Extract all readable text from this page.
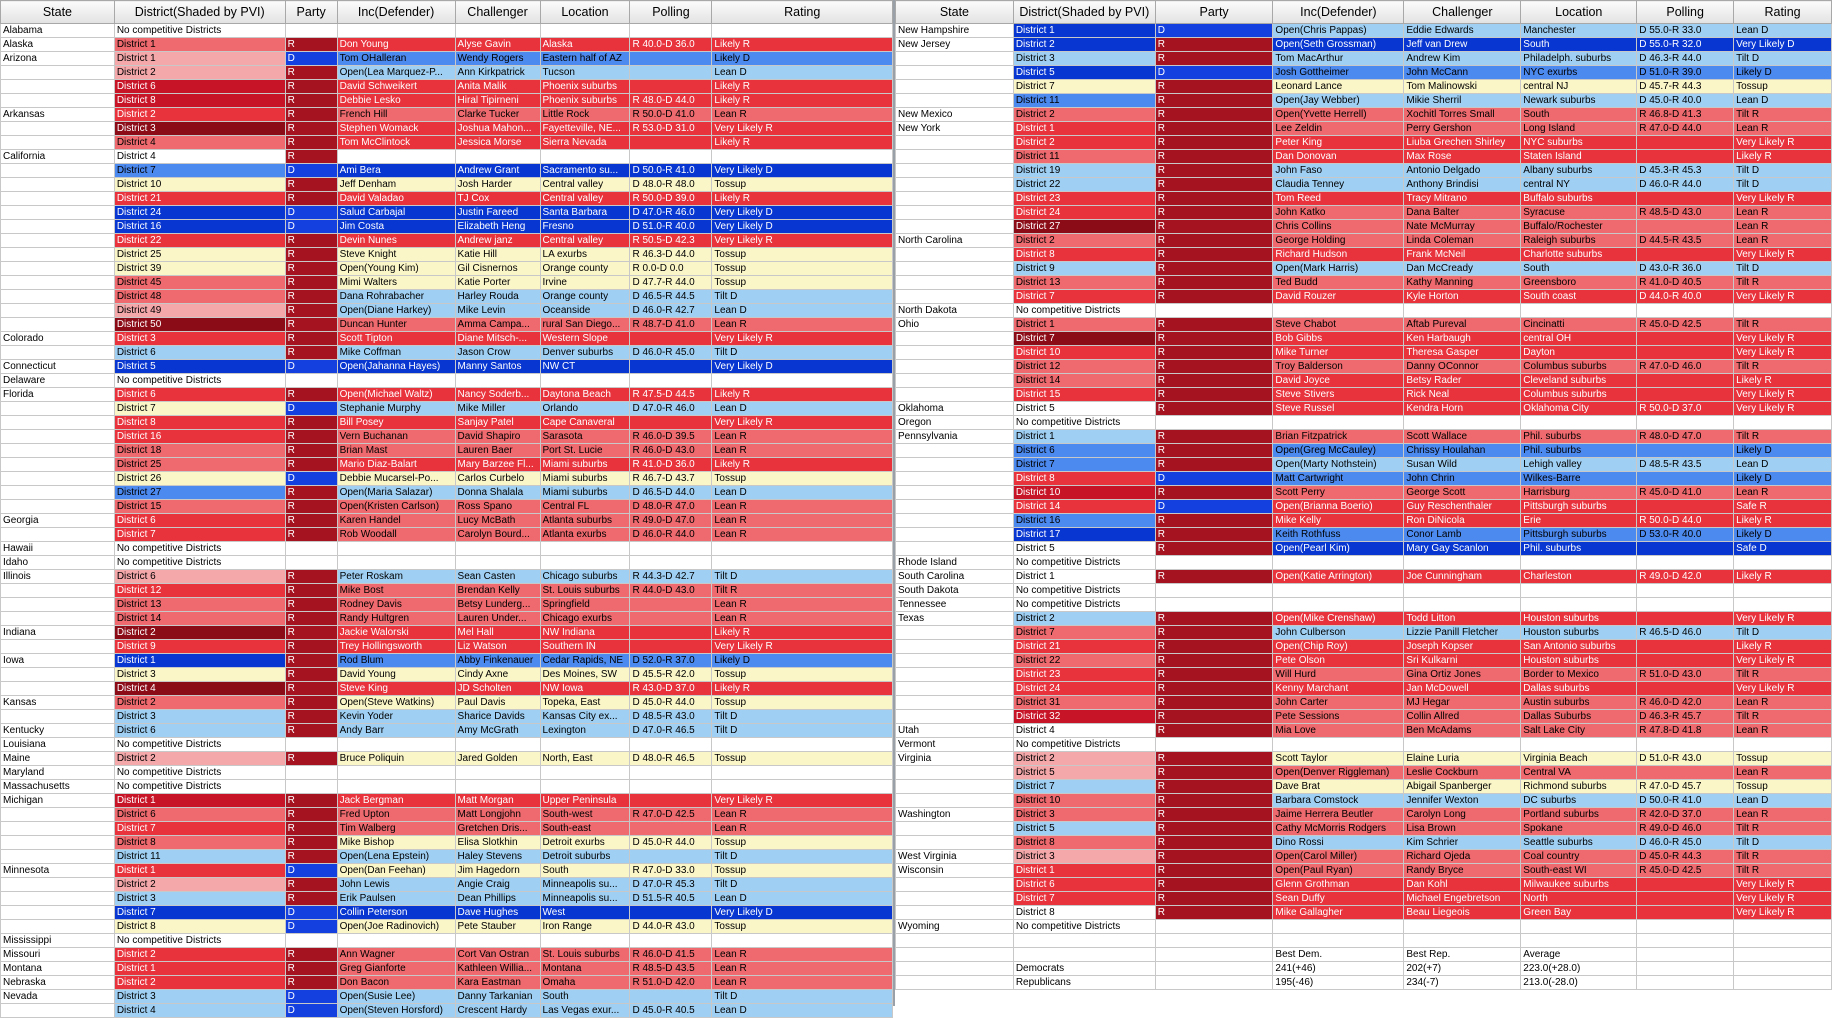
State	District(Shaded by PVI)	Party	Inc(Defender)	Challenger	Location	Polling	Rating
Alabama	No competitive Districts						
Alaska	District 1	R	Don Young	Alyse Gavin	Alaska	R 40.0-D 36.0	Likely R
Arizona	District 1	D	Tom OHalleran	Wendy Rogers	Eastern half of AZ		Likely D
	District 2	R	Open(Lea Marquez-P...	Ann Kirkpatrick	Tucson		Lean D
	District 6	R	David Schweikert	Anita Malik	Phoenix suburbs		Likely R
	District 8	R	Debbie Lesko	Hiral Tipirneni	Phoenix suburbs	R 48.0-D 44.0	Likely R
Arkansas	District 2	R	French Hill	Clarke Tucker	Little Rock	R 50.0-D 41.0	Lean R
	District 3	R	Stephen Womack	Joshua Mahon...	Fayetteville, NE...	R 53.0-D 31.0	Very Likely R
	District 4	R	Tom McClintock	Jessica Morse	Sierra Nevada		Likely R
California	District 4	R					
	District 7	D	Ami Bera	Andrew Grant	Sacramento su...	D 50.0-R 41.0	Very Likely D
	District 10	R	Jeff Denham	Josh Harder	Central valley	D 48.0-R 48.0	Tossup
	District 21	R	David Valadao	TJ Cox	Central valley	R 50.0-D 39.0	Likely R
	District 24	D	Salud Carbajal	Justin Fareed	Santa Barbara	D 47.0-R 46.0	Very Likely D
	District 16	D	Jim Costa	Elizabeth Heng	Fresno	D 51.0-R 40.0	Very Likely D
	District 22	R	Devin Nunes	Andrew janz	Central valley	R 50.5-D 42.3	Very Likely R
	District 25	R	Steve Knight	Katie Hill	LA exurbs	R 46.3-D 44.0	Tossup
	District 39	R	Open(Young Kim)	Gil Cisnernos	Orange county	R 0.0-D 0.0	Tossup
	District 45	R	Mimi Walters	Katie Porter	Irvine	D 47.7-R 44.0	Tossup
	District 48	R	Dana Rohrabacher	Harley Rouda	Orange county	D 46.5-R 44.5	Tilt D
	District 49	R	Open(Diane Harkey)	Mike Levin	Oceanside	D 46.0-R 42.7	Lean D
	District 50	R	Duncan Hunter	Amma Campa...	rural San Diego...	R 48.7-D 41.0	Lean R
Colorado	District 3	R	Scott Tipton	Diane Mitsch-...	Western Slope		Very Likely R
	District 6	R	Mike Coffman	Jason Crow	Denver suburbs	D 46.0-R 45.0	Tilt D
Connecticut	District 5	D	Open(Jahanna Hayes)	Manny Santos	NW CT		Very Likely D
Delaware	No competitive Districts						
Florida	District 6	R	Open(Michael Waltz)	Nancy Soderb...	Daytona Beach	R 47.5-D 44.5	Likely R
	District 7	D	Stephanie Murphy	Mike Miller	Orlando	D 47.0-R 46.0	Lean D
	District 8	R	Bill Posey	Sanjay Patel	Cape Canaveral		Very Likely R
	District 16	R	Vern Buchanan	David Shapiro	Sarasota	R 46.0-D 39.5	Lean R
	District 18	R	Brian Mast	Lauren Baer	Port St. Lucie	R 46.0-D 43.0	Lean R
	District 25	R	Mario Diaz-Balart	Mary Barzee Fl...	Miami suburbs	R 41.0-D 36.0	Likely R
	District 26	D	Debbie Mucarsel-Po...	Carlos Curbelo	Miami suburbs	R 46.7-D 43.7	Tossup
	District 27	R	Open(Maria Salazar)	Donna Shalala	Miami suburbs	D 46.5-D 44.0	Lean D
	District 15	R	Open(Kristen Carlson)	Ross Spano	Central FL	D 48.0-R 47.0	Lean R
Georgia	District 6	R	Karen Handel	Lucy McBath	Atlanta suburbs	R 49.0-D 47.0	Lean R
	District 7	R	Rob Woodall	Carolyn Bourd...	Atlanta exurbs	D 46.0-R 44.0	Lean R
Hawaii	No competitive Districts						
Idaho	No competitive Districts						
Illinois	District 6	R	Peter Roskam	Sean Casten	Chicago suburbs	R 44.3-D 42.7	Tilt D
	District 12	R	Mike Bost	Brendan Kelly	St. Louis suburbs	R 44.0-D 43.0	Tilt R
	District 13	R	Rodney Davis	Betsy Lunderg...	Springfield		Lean R
	District 14	R	Randy Hultgren	Lauren Under...	Chicago exurbs		Lean R
Indiana	District 2	R	Jackie Walorski	Mel Hall	NW Indiana		Likely R
	District 9	R	Trey Hollingsworth	Liz Watson	Southern IN		Very Likely R
Iowa	District 1	R	Rod Blum	Abby Finkenauer	Cedar Rapids, NE	D 52.0-R 37.0	Likely D
	District 3	R	David Young	Cindy Axne	Des Moines, SW	D 45.5-R 42.0	Tossup
	District 4	R	Steve King	JD Scholten	NW Iowa	R 43.0-D 37.0	Likely R
Kansas	District 2	R	Open(Steve Watkins)	Paul Davis	Topeka, East	D 45.0-R 44.0	Tossup
	District 3	R	Kevin Yoder	Sharice Davids	Kansas City ex...	D 48.5-R 43.0	Tilt D
Kentucky	District 6	R	Andy Barr	Amy McGrath	Lexington	D 47.0-R 46.5	Tilt D
Louisiana	No competitive Districts						
Maine	District 2	R	Bruce Poliquin	Jared Golden	North, East	D 48.0-R 46.5	Tossup
Maryland	No competitive Districts						
Massachusetts	No competitive Districts						
Michigan	District 1	R	Jack Bergman	Matt Morgan	Upper Peninsula		Very Likely R
	District 6	R	Fred Upton	Matt Longjohn	South-west	R 47.0-D 42.5	Lean R
	District 7	R	Tim Walberg	Gretchen Dris...	South-east		Lean R
	District 8	R	Mike Bishop	Elisa Slotkhin	Detroit exurbs	D 45.0-R 44.0	Tossup
	District 11	R	Open(Lena Epstein)	Haley Stevens	Detroit suburbs		Tilt D
Minnesota	District 1	D	Open(Dan Feehan)	Jim Hagedorn	South	R 47.0-D 33.0	Tossup
	District 2	R	John Lewis	Angie Craig	Minneapolis su...	D 47.0-R 45.3	Tilt D
	District 3	R	Erik Paulsen	Dean Phillips	Minneapolis su...	D 51.5-R 40.5	Lean D
	District 7	D	Collin Peterson	Dave Hughes	West		Very Likely D
	District 8	D	Open(Joe Radinovich)	Pete Stauber	Iron Range	D 44.0-R 43.0	Tossup
Mississippi	No competitive Districts						
Missouri	District 2	R	Ann Wagner	Cort Van Ostran	St. Louis suburbs	R 46.0-D 41.5	Lean R
Montana	District 1	R	Greg Gianforte	Kathleen Willia...	Montana	R 48.5-D 43.5	Lean R
Nebraska	District 2	R	Don Bacon	Kara Eastman	Omaha	R 51.0-D 42.0	Lean R
Nevada	District 3	D	Open(Susie Lee)	Danny Tarkanian	South		Tilt D
	District 4	D	Open(Steven Horsford)	Crescent Hardy	Las Vegas exur...	D 45.0-R 40.5	Lean D
State	District(Shaded by PVI)	Party	Inc(Defender)	Challenger	Location	Polling	Rating
New Hampshire	District 1	D	Open(Chris Pappas)	Eddie Edwards	Manchester	D 55.0-R 33.0	Lean D
New Jersey	District 2	R	Open(Seth Grossman)	Jeff van Drew	South	D 55.0-R 32.0	Very Likely D
	District 3	R	Tom MacArthur	Andrew Kim	Philadelph. suburbs	D 46.3-R 44.0	Tilt D
	District 5	D	Josh Gottheimer	John McCann	NYC exurbs	D 51.0-R 39.0	Likely D
	District 7	R	Leonard Lance	Tom Malinowski	central NJ	D 45.7-R 44.3	Tossup
	District 11	R	Open(Jay Webber)	Mikie Sherril	Newark suburbs	D 45.0-R 40.0	Lean D
New Mexico	District 2	R	Open(Yvette Herrell)	Xochitl Torres Small	South	R 46.8-D 41.3	Tilt R
New York	District 1	R	Lee Zeldin	Perry Gershon	Long Island	R 47.0-D 44.0	Lean R
	District 2	R	Peter King	Liuba Grechen Shirley	NYC suburbs		Very Likely R
	District 11	R	Dan Donovan	Max Rose	Staten Island		Likely R
	District 19	R	John Faso	Antonio Delgado	Albany suburbs	D 45.3-R 45.3	Tilt D
	District 22	R	Claudia Tenney	Anthony Brindisi	central NY	D 46.0-R 44.0	Tilt D
	District 23	R	Tom Reed	Tracy Mitrano	Buffalo suburbs		Very Likely R
	District 24	R	John Katko	Dana Balter	Syracuse	R 48.5-D 43.0	Lean R
	District 27	R	Chris Collins	Nate McMurray	Buffalo/Rochester		Lean R
North Carolina	District 2	R	George Holding	Linda Coleman	Raleigh suburbs	D 44.5-R 43.5	Lean R
	District 8	R	Richard Hudson	Frank McNeil	Charlotte suburbs		Very Likely R
	District 9	R	Open(Mark Harris)	Dan McCready	South	D 43.0-R 36.0	Tilt D
	District 13	R	Ted Budd	Kathy Manning	Greensboro	R 41.0-D 40.5	Tilt R
	District 7	R	David Rouzer	Kyle Horton	South coast	D 44.0-R 40.0	Very Likely R
North Dakota	No competitive Districts						
Ohio	District 1	R	Steve Chabot	Aftab Pureval	Cincinatti	R 45.0-D 42.5	Tilt R
	District 7	R	Bob Gibbs	Ken Harbaugh	central OH		Very Likely R
	District 10	R	Mike Turner	Theresa Gasper	Dayton		Very Likely R
	District 12	R	Troy Balderson	Danny OConnor	Columbus suburbs	R 47.0-D 46.0	Tilt R
	District 14	R	David Joyce	Betsy Rader	Cleveland suburbs		Likely R
	District 15	R	Steve Stivers	Rick Neal	Columbus suburbs		Very Likely R
Oklahoma	District 5	R	Steve Russel	Kendra Horn	Oklahoma City	R 50.0-D 37.0	Very Likely R
Oregon	No competitive Districts						
Pennsylvania	District 1	R	Brian Fitzpatrick	Scott Wallace	Phil. suburbs	R 48.0-D 47.0	Tilt R
	District 6	R	Open(Greg McCauley)	Chrissy Houlahan	Phil. suburbs		Likely D
	District 7	R	Open(Marty Nothstein)	Susan Wild	Lehigh valley	D 48.5-R 43.5	Lean D
	District 8	D	Matt Cartwright	John Chrin	Wilkes-Barre		Likely D
	District 10	R	Scott Perry	George Scott	Harrisburg	R 45.0-D 41.0	Lean R
	District 14	D	Open(Brianna Boerio)	Guy Reschenthaler	Pittsburgh suburbs		Safe R
	District 16	R	Mike Kelly	Ron DiNicola	Erie	R 50.0-D 44.0	Likely R
	District 17	R	Keith Rothfuss	Conor Lamb	Pittsburgh suburbs	D 53.0-R 40.0	Likely D
	District 5	R	Open(Pearl Kim)	Mary Gay Scanlon	Phil. suburbs		Safe D
Rhode Island	No competitive Districts						
South Carolina	District 1	R	Open(Katie Arrington)	Joe Cunningham	Charleston	R 49.0-D 42.0	Likely R
South Dakota	No competitive Districts						
Tennessee	No competitive Districts						
Texas	District 2	R	Open(Mike Crenshaw)	Todd Litton	Houston suburbs		Very Likely R
	District 7	R	John Culberson	Lizzie Panill Fletcher	Houston suburbs	R 46.5-D 46.0	Tilt D
	District 21	R	Open(Chip Roy)	Joseph Kopser	San Antonio suburbs		Likely R
	District 22	R	Pete Olson	Sri Kulkarni	Houston suburbs		Very Likely R
	District 23	R	Will Hurd	Gina Ortiz Jones	Border to Mexico	R 51.0-D 43.0	Tilt R
	District 24	R	Kenny Marchant	Jan McDowell	Dallas suburbs		Very Likely R
	District 31	R	John Carter	MJ Hegar	Austin suburbs	R 46.0-D 42.0	Lean R
	District 32	R	Pete Sessions	Collin Allred	Dallas Suburbs	D 46.3-R 45.7	Tilt R
Utah	District 4	R	Mia Love	Ben McAdams	Salt Lake City	R 47.8-D 41.8	Lean R
Vermont	No competitive Districts						
Virginia	District 2	R	Scott Taylor	Elaine Luria	Virginia Beach	D 51.0-R 43.0	Tossup
	District 5	R	Open(Denver Riggleman)	Leslie Cockburn	Central VA		Lean R
	District 7	R	Dave Brat	Abigail Spanberger	Richmond suburbs	R 47.0-D 45.7	Tossup
	District 10	R	Barbara Comstock	Jennifer Wexton	DC suburbs	D 50.0-R 41.0	Lean D
Washington	District 3	R	Jaime Herrera Beutler	Carolyn Long	Portland suburbs	R 42.0-D 37.0	Lean R
	District 5	R	Cathy McMorris Rodgers	Lisa Brown	Spokane	R 49.0-D 46.0	Tilt R
	District 8	R	Dino Rossi	Kim Schrier	Seattle suburbs	D 46.0-R 45.0	Tilt D
West Virginia	District 3	R	Open(Carol Miller)	Richard Ojeda	Coal country	D 45.0-R 44.3	Tilt R
Wisconsin	District 1	R	Open(Paul Ryan)	Randy Bryce	South-east WI	R 45.0-D 42.5	Tilt R
	District 6	R	Glenn Grothman	Dan Kohl	Milwaukee suburbs		Very Likely R
	District 7	R	Sean Duffy	Michael Engebretson	North		Very Likely R
	District 8	R	Mike Gallagher	Beau Liegeois	Green Bay		Very Likely R
Wyoming	No competitive Districts						

			Best Dem.	Best Rep.	Average		
	Democrats		241(+46)	202(+7)	223.0(+28.0)		
	Republicans		195(-46)	234(-7)	213.0(-28.0)		
